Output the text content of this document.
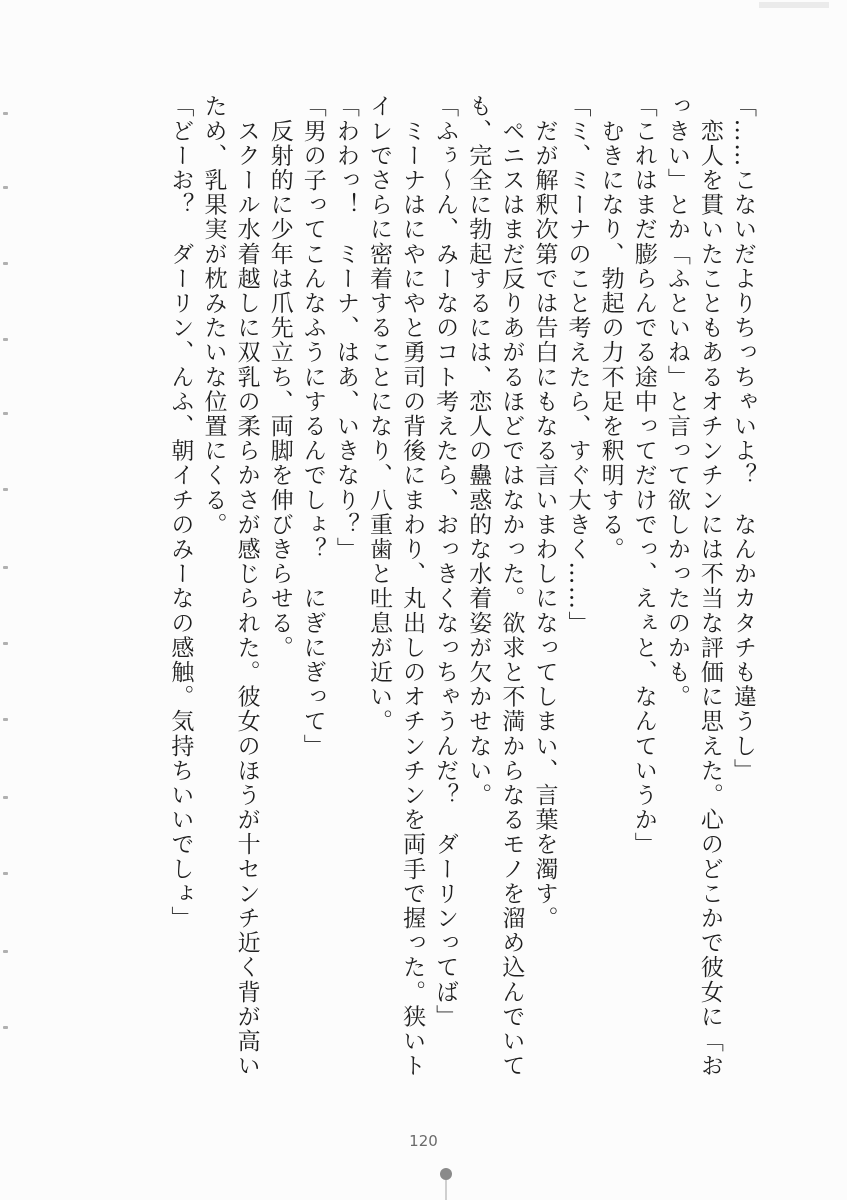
「……こないだよりちっちゃいよ？　なんかカタチも違うし」
　恋人を貫いたこともあるオチンチンには不当な評価に思えた。心のどこかで彼女に「お
っきい」とか「ふといね」と言って欲しかったのかも。
「これはまだ膨らんでる途中ってだけでっ、えぇと、なんていうか」
　むきになり、勃起の力不足を釈明する。
「ミ、ミーナのこと考えたら、すぐ大きく……」
　だが解釈次第では告白にもなる言いまわしになってしまい、言葉を濁す。
　ペニスはまだ反りあがるほどではなかった。欲求と不満からなるモノを溜め込んでいて
も、完全に勃起するには、恋人の蠱惑的な水着姿が欠かせない。
「ふぅ～ん、みーなのコト考えたら、おっきくなっちゃうんだ？　ダーリンってば」
　ミーナはにやにやと勇司の背後にまわり、丸出しのオチンチンを両手で握った。狭いト
イレでさらに密着することになり、八重歯と吐息が近い。
「わわっ！　ミーナ、はあ、いきなり？」
「男の子ってこんなふうにするんでしょ？　にぎにぎって」
　反射的に少年は爪先立ち、両脚を伸びきらせる。
　スクール水着越しに双乳の柔らかさが感じられた。彼女のほうが十センチ近く背が高い
ため、乳果実が枕みたいな位置にくる。
「どーお？　ダーリン、んふ、朝イチのみーなの感触。気持ちいいでしょ」
120
